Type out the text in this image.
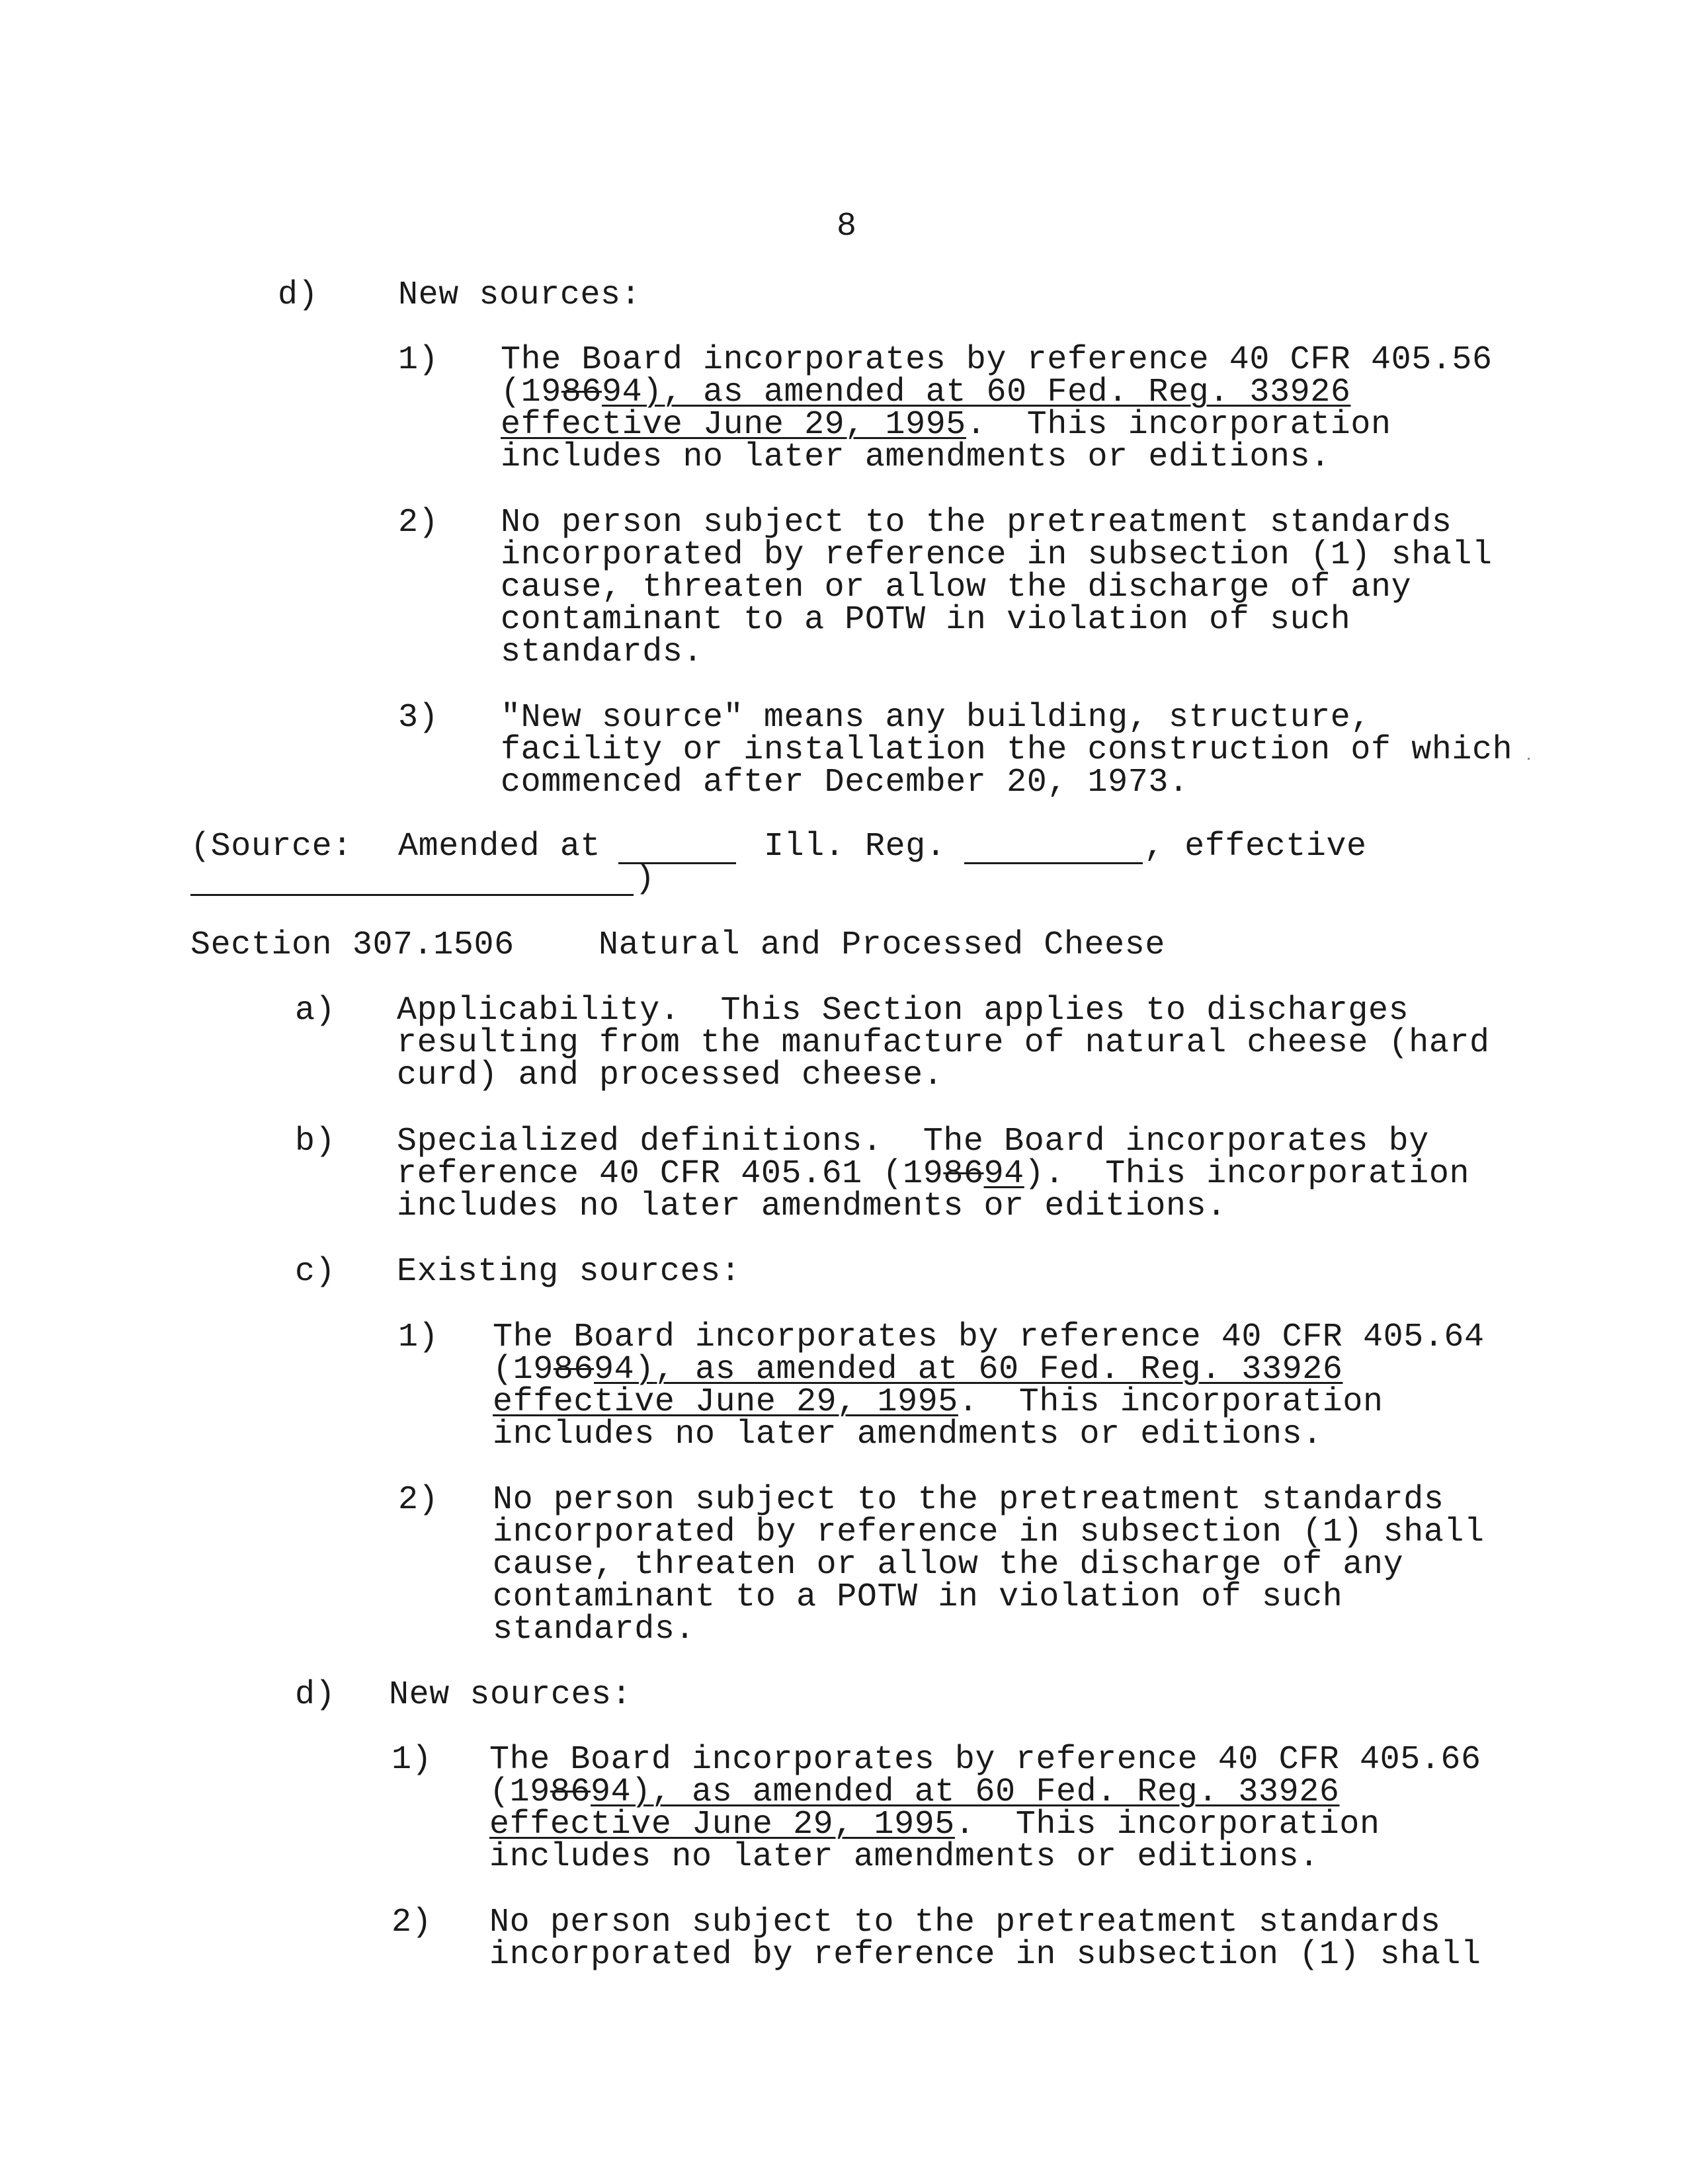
8
d) New sources:
1) The Board incorporates by reference 40 CFR 405.56
(198694), as amended at 60 Fed. Reg. 33926
effective June 29, 1995.  This incorporation
includes no later amendments or editions.
2) No person subject to the pretreatment standards
incorporated by reference in subsection (1) shall
cause, threaten or allow the discharge of any
contaminant to a POTW in violation of such
standards.
3) "New source" means any building, structure,
facility or installation the construction of which
commenced after December 20, 1973.
(Source: Amended at	Ill. Reg.	, effective
)
Section 307.1506	Natural and Processed Cheese
a) Applicability.  This Section applies to discharges
resulting from the manufacture of natural cheese (hard
curd) and processed cheese.
b) Specialized definitions.  The Board incorporates by
reference 40 CFR 405.61 (198694).  This incorporation
includes no later amendments or editions.
c) Existing sources:
1) The Board incorporates by reference 40 CFR 405.64
(198694), as amended at 60 Fed. Reg. 33926
effective June 29, 1995.  This incorporation
includes no later amendments or editions.
2) No person subject to the pretreatment standards
incorporated by reference in subsection (1) shall
cause, threaten or allow the discharge of any
contaminant to a POTW in violation of such
standards.
d) New sources:
1) The Board incorporates by reference 40 CFR 405.66
(198694), as amended at 60 Fed. Reg. 33926
effective June 29, 1995.  This incorporation
includes no later amendments or editions.
2) No person subject to the pretreatment standards
incorporated by reference in subsection (1) shall
